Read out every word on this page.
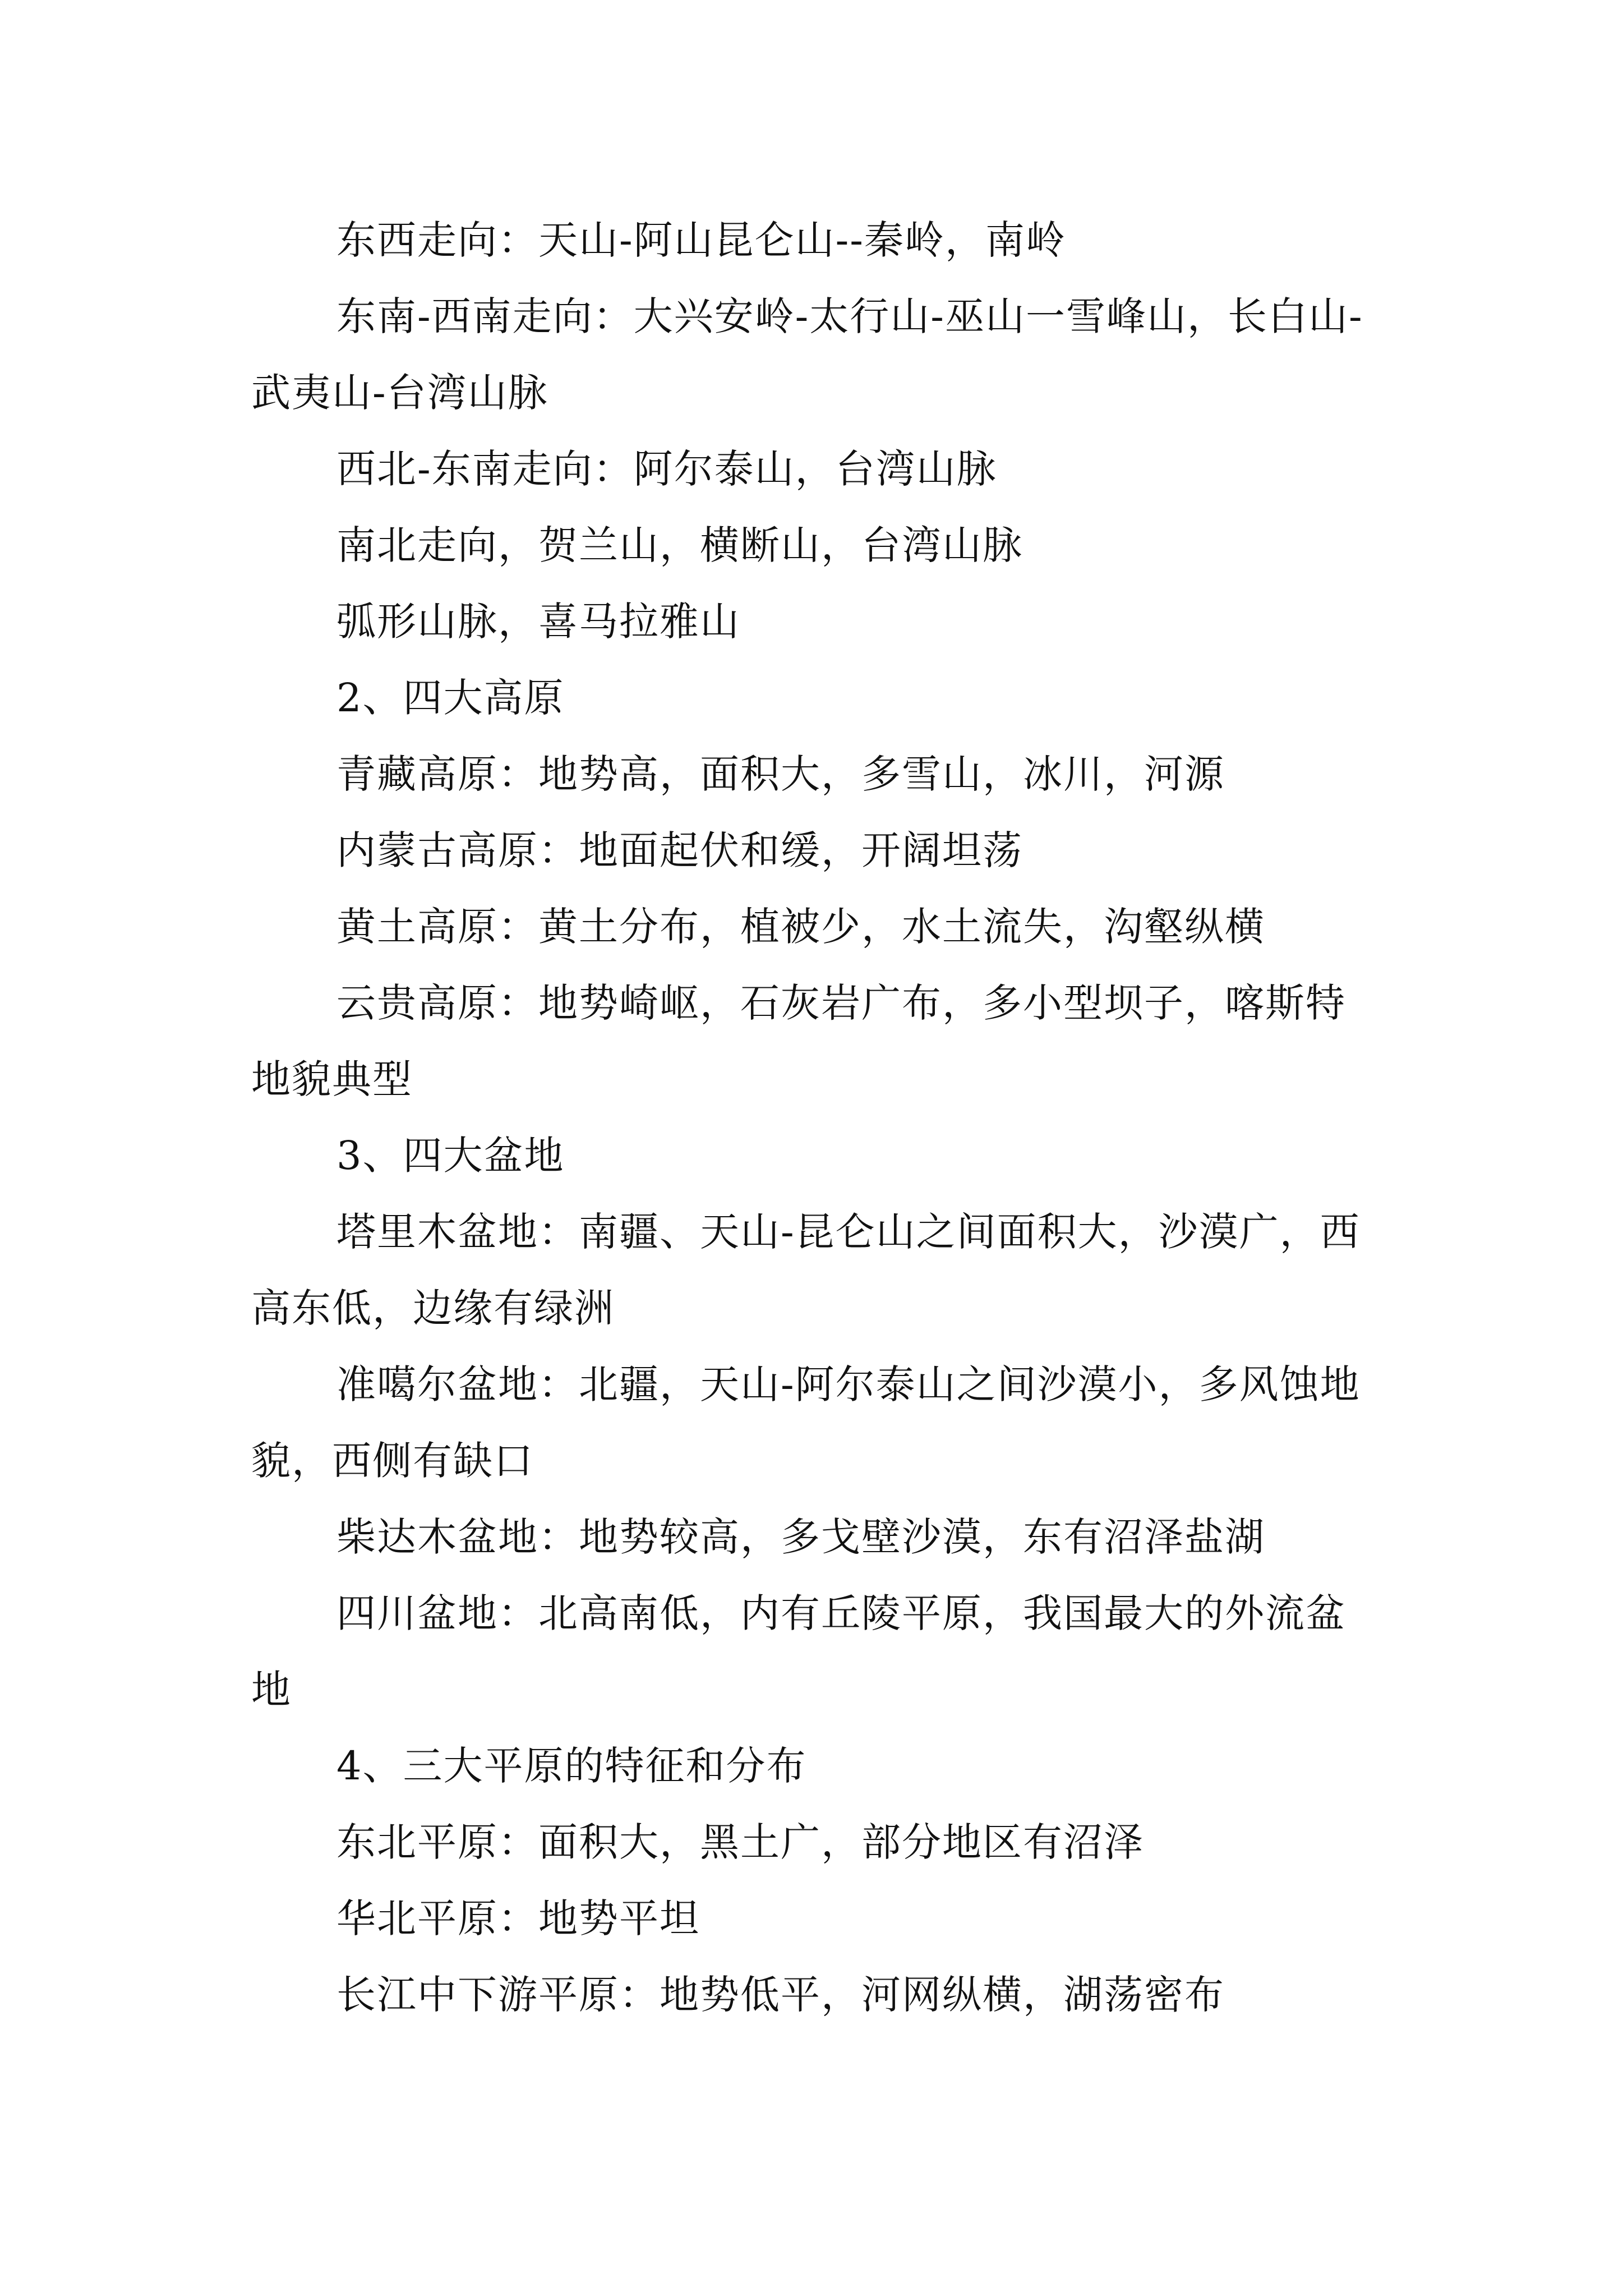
东西走向：天山-阿山昆仑山--秦岭，南岭

东南-西南走向：大兴安岭-太行山-巫山一雪峰山，长白山-武夷山-台湾山脉

西北-东南走向：阿尔泰山，台湾山脉

南北走向，贺兰山，横断山，台湾山脉

弧形山脉，喜马拉雅山

2、四大高原

青藏高原：地势高，面积大，多雪山，冰川，河源

内蒙古高原：地面起伏和缓，开阔坦荡

黄土高原：黄土分布，植被少，水土流失，沟壑纵横

云贵高原：地势崎岖，石灰岩广布，多小型坝子，喀斯特地貌典型

3、四大盆地

塔里木盆地：南疆、天山-昆仑山之间面积大，沙漠广，西高东低，边缘有绿洲

准噶尔盆地：北疆，天山-阿尔泰山之间沙漠小，多风蚀地貌，西侧有缺口

柴达木盆地：地势较高，多戈壁沙漠，东有沼泽盐湖

四川盆地：北高南低，内有丘陵平原，我国最大的外流盆地

4、三大平原的特征和分布

东北平原：面积大，黑土广，部分地区有沼泽

华北平原：地势平坦

长江中下游平原：地势低平，河网纵横，湖荡密布
